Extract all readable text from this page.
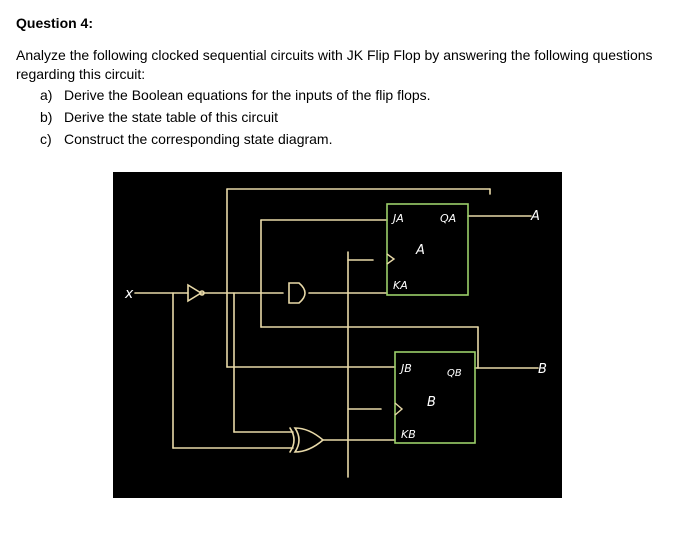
Question 4:
Analyze the following clocked sequential circuits with JK Flip Flop by answering the following questions regarding this circuit:
a) Derive the Boolean equations for the inputs of the flip flops.
b) Derive the state table of this circuit
c) Construct the corresponding state diagram.
x
JA	QA
A
KA
A
JB	QB
B
KB
B
